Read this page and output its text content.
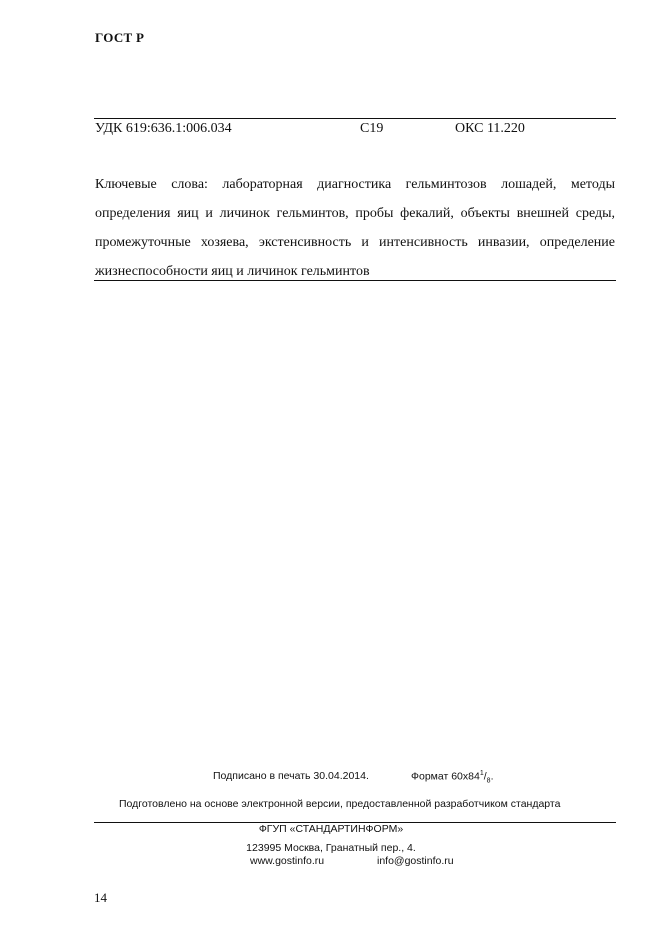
ГОСТ Р
УДК 619:636.1:006.034	С19	ОКС 11.220

Ключевые слова: лабораторная диагностика гельминтозов лошадей, методы определения яиц и личинок гельминтов, пробы фекалий, объекты внешней среды, промежуточные хозяева, экстенсивность и интенсивность инвазии, определение жизнеспособности яиц и личинок гельминтов

Подписано в печать 30.04.2014.	Формат $60х84^1/_8$.
Подготовлено на основе электронной версии, предоставленной разработчиком стандарта
ФГУП «СТАНДАРТИНФОРМ»
123995 Москва, Гранатный пер., 4.
www.gostinfo.ru	info@gostinfo.ru
14
